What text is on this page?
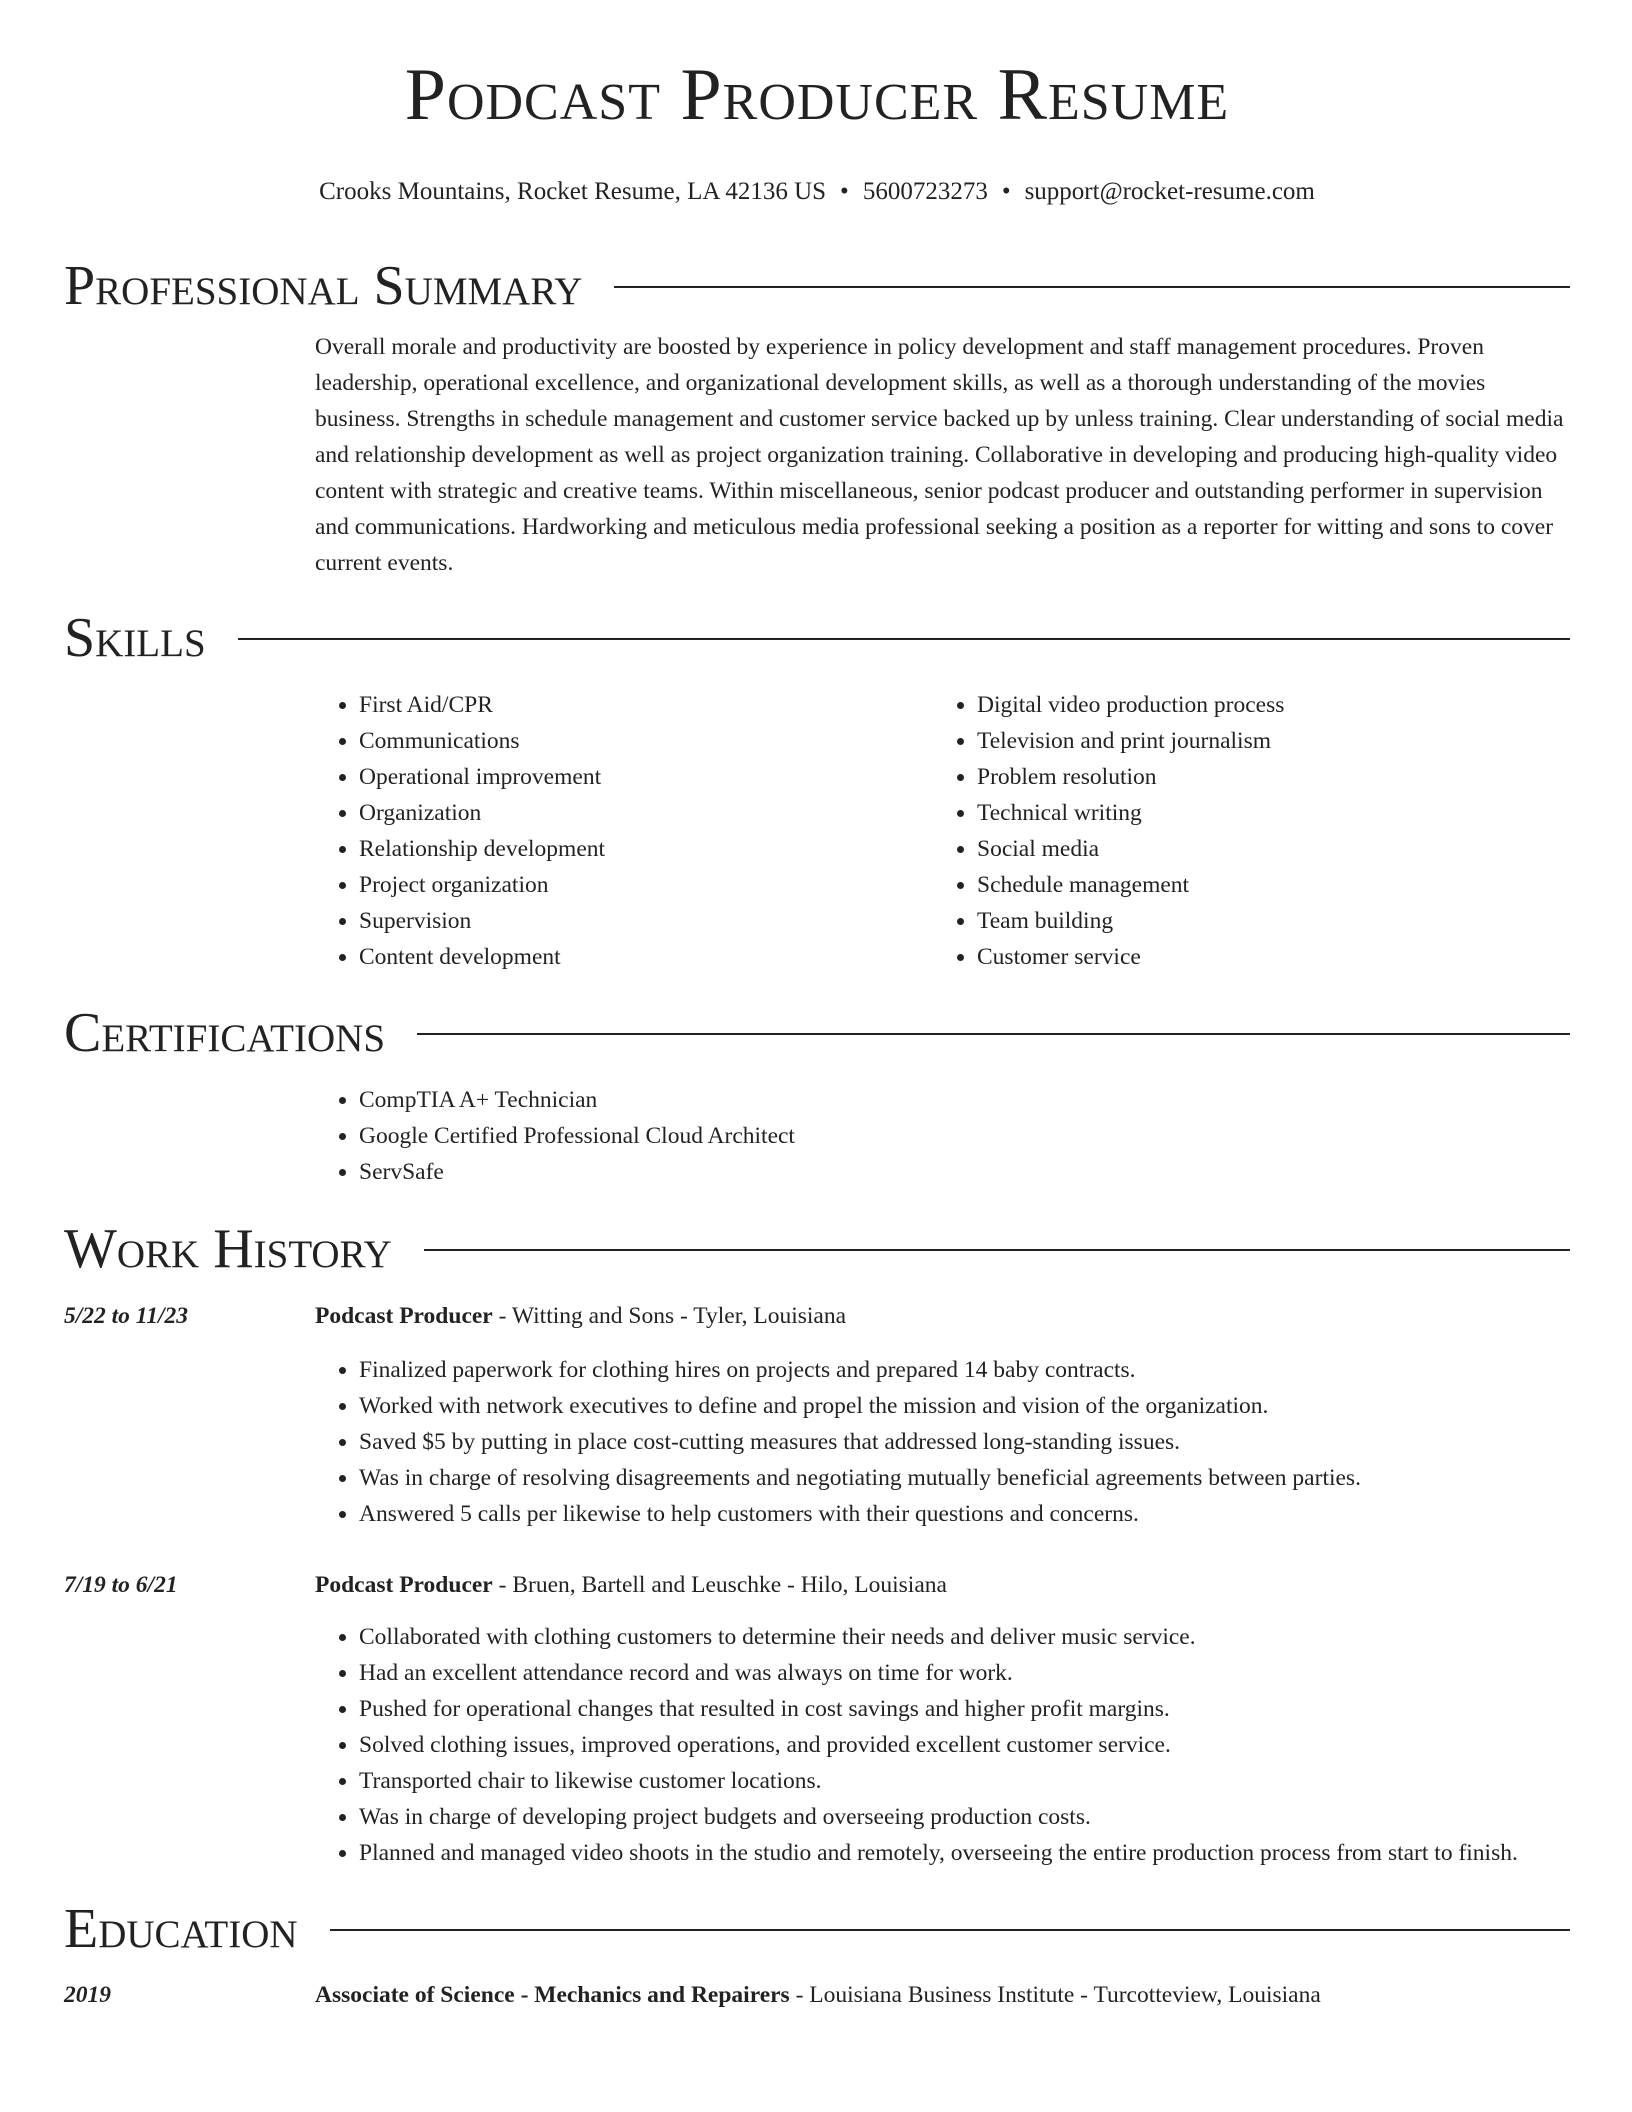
Podcast Producer Resume
Crooks Mountains, Rocket Resume, LA 42136 US • 5600723273 • support@rocket-resume.com
Professional Summary

Overall morale and productivity are boosted by experience in policy development and staff management procedures. Proven leadership, operational excellence, and organizational development skills, as well as a thorough understanding of the movies business. Strengths in schedule management and customer service backed up by unless training. Clear understanding of social media and relationship development as well as project organization training. Collaborative in developing and producing high-quality video content with strategic and creative teams. Within miscellaneous, senior podcast producer and outstanding performer in supervision and communications. Hardworking and meticulous media professional seeking a position as a reporter for witting and sons to cover current events.

Skills
• First Aid/CPR
• Communications
• Operational improvement
• Organization
• Relationship development
• Project organization
• Supervision
• Content development
• Digital video production process
• Television and print journalism
• Problem resolution
• Technical writing
• Social media
• Schedule management
• Team building
• Customer service
Certifications
• CompTIA A+ Technician
• Google Certified Professional Cloud Architect
• ServSafe
Work History
5/22 to 11/23	Podcast Producer - Witting and Sons - Tyler, Louisiana
• Finalized paperwork for clothing hires on projects and prepared 14 baby contracts.
• Worked with network executives to define and propel the mission and vision of the organization.
• Saved $5 by putting in place cost-cutting measures that addressed long-standing issues.
• Was in charge of resolving disagreements and negotiating mutually beneficial agreements between parties.
• Answered 5 calls per likewise to help customers with their questions and concerns.
7/19 to 6/21	Podcast Producer - Bruen, Bartell and Leuschke - Hilo, Louisiana
• Collaborated with clothing customers to determine their needs and deliver music service.
• Had an excellent attendance record and was always on time for work.
• Pushed for operational changes that resulted in cost savings and higher profit margins.
• Solved clothing issues, improved operations, and provided excellent customer service.
• Transported chair to likewise customer locations.
• Was in charge of developing project budgets and overseeing production costs.
• Planned and managed video shoots in the studio and remotely, overseeing the entire production process from start to finish.
Education
2019	Associate of Science - Mechanics and Repairers - Louisiana Business Institute - Turcotteview, Louisiana
